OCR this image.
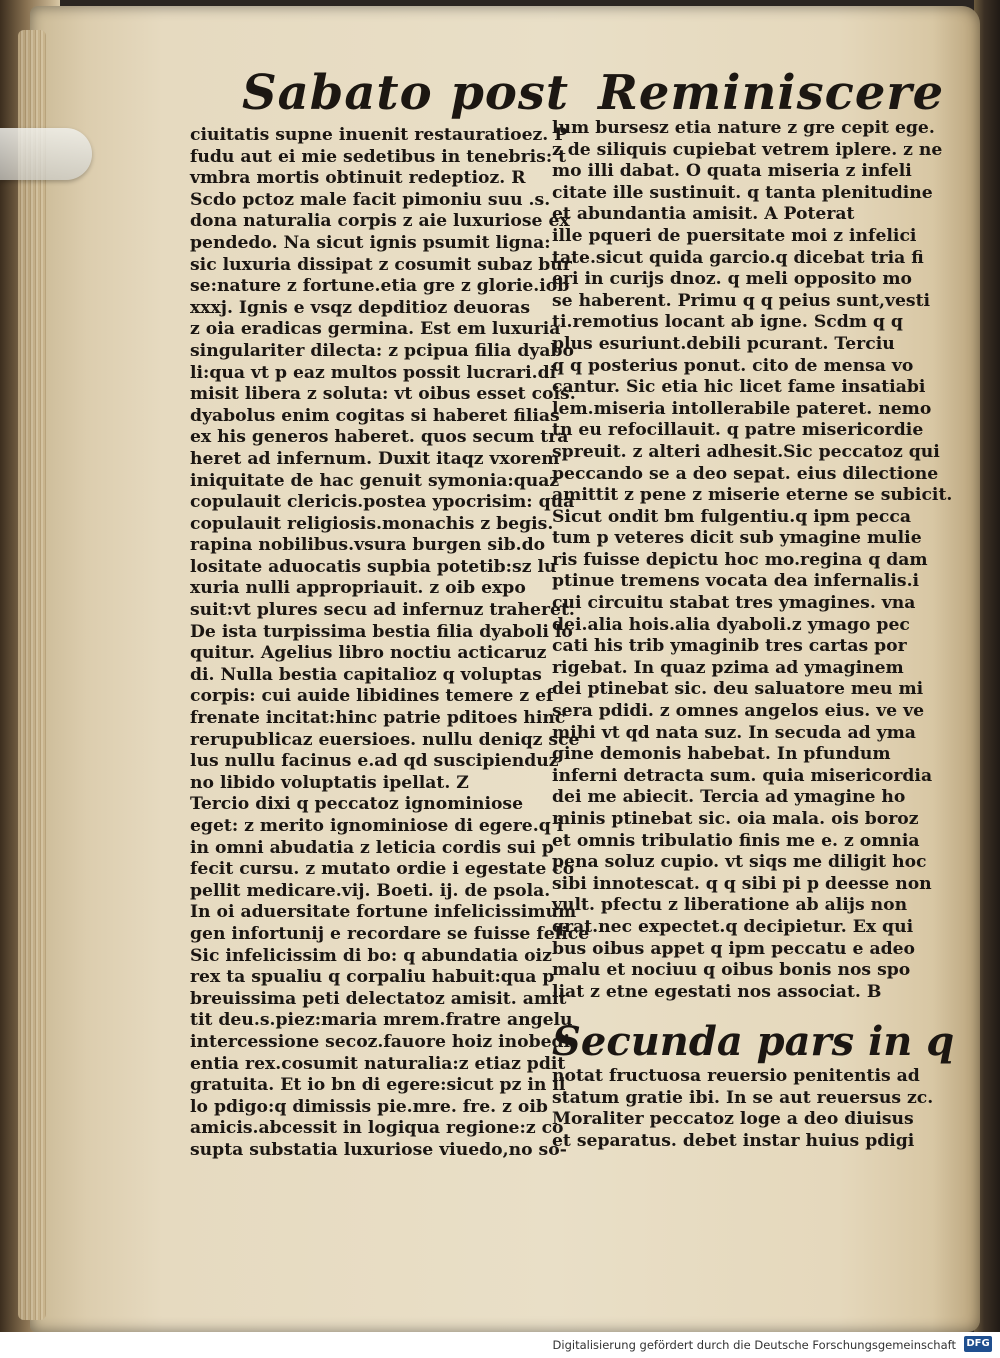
Sabato post Reminiscere
ciuitatis supne inuenit restauratioez. P
fudu aut ei mie sedetibus in tenebris: t
vmbra mortis obtinuit redeptioz. R
Scdo pctoz male facit pimoniu suu .s.
dona naturalia corpis z aie luxuriose ex
pendedo. Na sicut ignis psumit ligna:
sic luxuria dissipat z cosumit subaz bur
se:nature z fortune.etia gre z glorie.iob
xxxj. Ignis e vsqz depditioz deuoras
z oia eradicas germina. Est em luxuria
singulariter dilecta: z pcipua filia dyabo
li:qua vt p eaz multos possit lucrari.di
misit libera z soluta: vt oibus esset cois.
dyabolus enim cogitas si haberet filias
ex his generos haberet. quos secum tra
heret ad infernum. Duxit itaqz vxorem
iniquitate de hac genuit symonia:quaz
copulauit clericis.postea ypocrisim: qua
copulauit religiosis.monachis z begis.
rapina nobilibus.vsura burgen sib.do
lositate aduocatis supbia potetib:sz lu
xuria nulli appropriauit. z oib expo
suit:vt plures secu ad infernuz traheret.
De ista turpissima bestia filia dyaboli lo
quitur. Agelius libro noctiu acticaruz
di. Nulla bestia capitalioz q voluptas
corpis: cui auide libidines temere z ef
frenate incitat:hinc patrie pditoes hinc
rerupublicaz euersioes. nullu deniqz sce
lus nullu facinus e.ad qd suscipienduz
no libido voluptatis ipellat. Z
Tercio dixi q peccatoz ignominiose
eget: z merito ignominiose di egere.q i
in omni abudatia z leticia cordis sui p
fecit cursu. z mutato ordie i egestate co
pellit medicare.vij. Boeti. ij. de psola.
In oi aduersitate fortune infelicissimum
gen infortunij e recordare se fuisse felice
Sic infelicissim di bo: q abundatia oiz
rex ta spualiu q corpaliu habuit:qua p
breuissima peti delectatoz amisit. amit
tit deu.s.piez:maria mrem.fratre angelu
intercessione secoz.fauore hoiz inobedi
entia rex.cosumit naturalia:z etiaz pdit
gratuita. Et io bn di egere:sicut pz in il
lo pdigo:q dimissis pie.mre. fre. z oib
amicis.abcessit in logiqua regione:z co
supta substatia luxuriose viuedo,no so-
lum bursesz etia nature z gre cepit ege.
z de siliquis cupiebat vetrem iplere. z ne
mo illi dabat. O quata miseria z infeli
citate ille sustinuit. q tanta plenitudine
et abundantia amisit. A Poterat
ille pqueri de puersitate moi z infelici
tate.sicut quida garcio.q dicebat tria fi
eri in curijs dnoz. q meli opposito mo
se haberent. Primu q q peius sunt,vesti
ti.remotius locant ab igne. Scdm q q
plus esuriunt.debili pcurant. Terciu
q q posterius ponut. cito de mensa vo
cantur. Sic etia hic licet fame insatiabi
lem.miseria intollerabile pateret. nemo
tn eu refocillauit. q patre misericordie
spreuit. z alteri adhesit.Sic peccatoz qui
peccando se a deo sepat. eius dilectione
amittit z pene z miserie eterne se subicit.
Sicut ondit bm fulgentiu.q ipm pecca
tum p veteres dicit sub ymagine mulie
ris fuisse depictu hoc mo.regina q dam
ptinue tremens vocata dea infernalis.i
cui circuitu stabat tres ymagines. vna
dei.alia hois.alia dyaboli.z ymago pec
cati his trib ymaginib tres cartas por
rigebat. In quaz pzima ad ymaginem
dei ptinebat sic. deu saluatore meu mi
sera pdidi. z omnes angelos eius. ve ve
mihi vt qd nata suz. In secuda ad yma
gine demonis habebat. In pfundum
inferni detracta sum. quia misericordia
dei me abiecit. Tercia ad ymagine ho
minis ptinebat sic. oia mala. ois boroz
et omnis tribulatio finis me e. z omnia
pena soluz cupio. vt siqs me diligit hoc
sibi innotescat. q q sibi pi p deesse non
vult. pfectu z liberatione ab alijs non
qrat.nec expectet.q decipietur. Ex qui
bus oibus appet q ipm peccatu e adeo
malu et nociuu q oibus bonis nos spo
liat z etne egestati nos associat. B
Secunda pars in q
notat fructuosa reuersio penitentis ad
statum gratie ibi. In se aut reuersus zc.
Moraliter peccatoz loge a deo diuisus
et separatus. debet instar huius pdigi
Digitalisierung gefördert durch die Deutsche Forschungsgemeinschaft DFG
